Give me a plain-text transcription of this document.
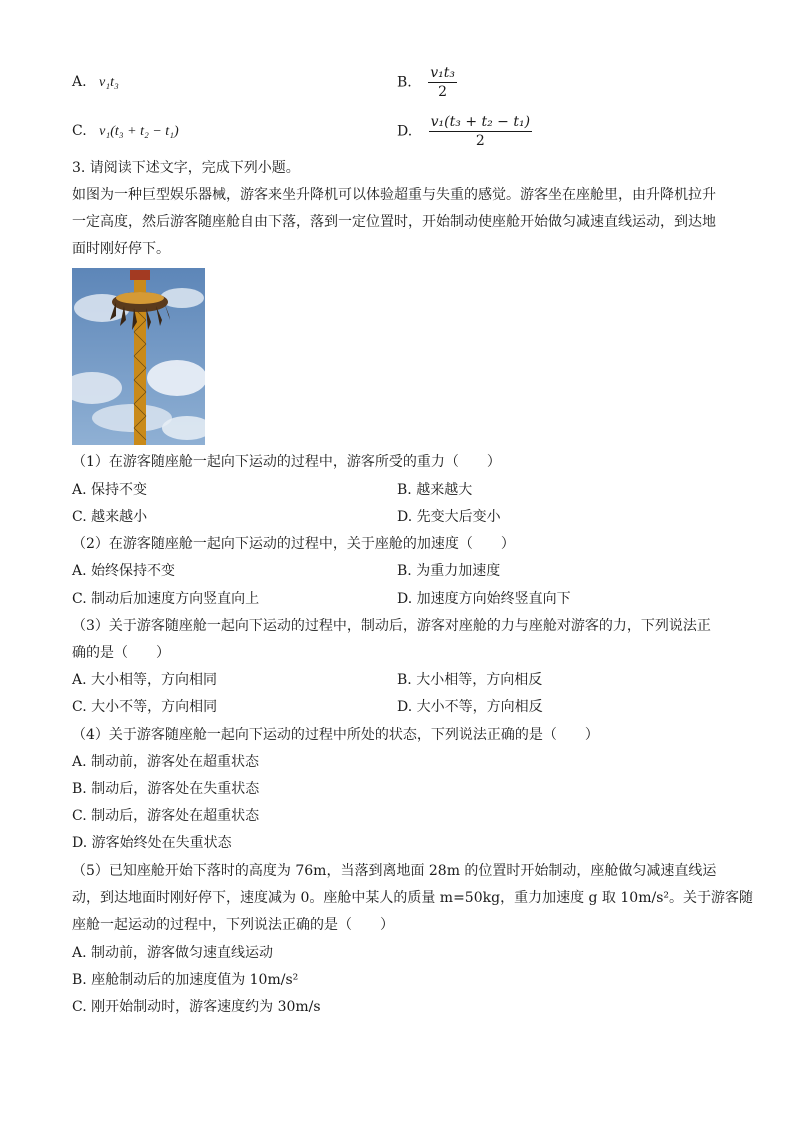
A. v₁t₃	B. $\frac{\text{v₁t₃}}{2}$
C. v₁(t₃ + t₂ − t₁)	D. $\frac{\text{v₁(t₃ + t₂ − t₁)}}{2}$
3. 请阅读下述文字，完成下列小题。
如图为一种巨型娱乐器械，游客来坐升降机可以体验超重与失重的感觉。游客坐在座舱里，由升降机拉升
一定高度，然后游客随座舱自由下落，落到一定位置时，开始制动使座舱开始做匀减速直线运动，到达地
面时刚好停下。
（1）在游客随座舱一起向下运动的过程中，游客所受的重力（　　）
A. 保持不变	B. 越来越大
C. 越来越小	D. 先变大后变小
（2）在游客随座舱一起向下运动的过程中，关于座舱的加速度（　　）
A. 始终保持不变	B. 为重力加速度
C. 制动后加速度方向竖直向上	D. 加速度方向始终竖直向下
（3）关于游客随座舱一起向下运动的过程中，制动后，游客对座舱的力与座舱对游客的力，下列说法正
确的是（　　）
A. 大小相等，方向相同	B. 大小相等，方向相反
C. 大小不等，方向相同	D. 大小不等，方向相反
（4）关于游客随座舱一起向下运动的过程中所处的状态，下列说法正确的是（　　）
A. 制动前，游客处在超重状态
B. 制动后，游客处在失重状态
C. 制动后，游客处在超重状态
D. 游客始终处在失重状态
（5）已知座舱开始下落时的高度为 76m，当落到离地面 28m 的位置时开始制动，座舱做匀减速直线运
动，到达地面时刚好停下，速度减为 0。座舱中某人的质量 m=50kg，重力加速度 g 取 10m/s²。关于游客随
座舱一起运动的过程中，下列说法正确的是（　　）
A. 制动前，游客做匀速直线运动
B. 座舱制动后的加速度值为 10m/s²
C. 刚开始制动时，游客速度约为 30m/s
